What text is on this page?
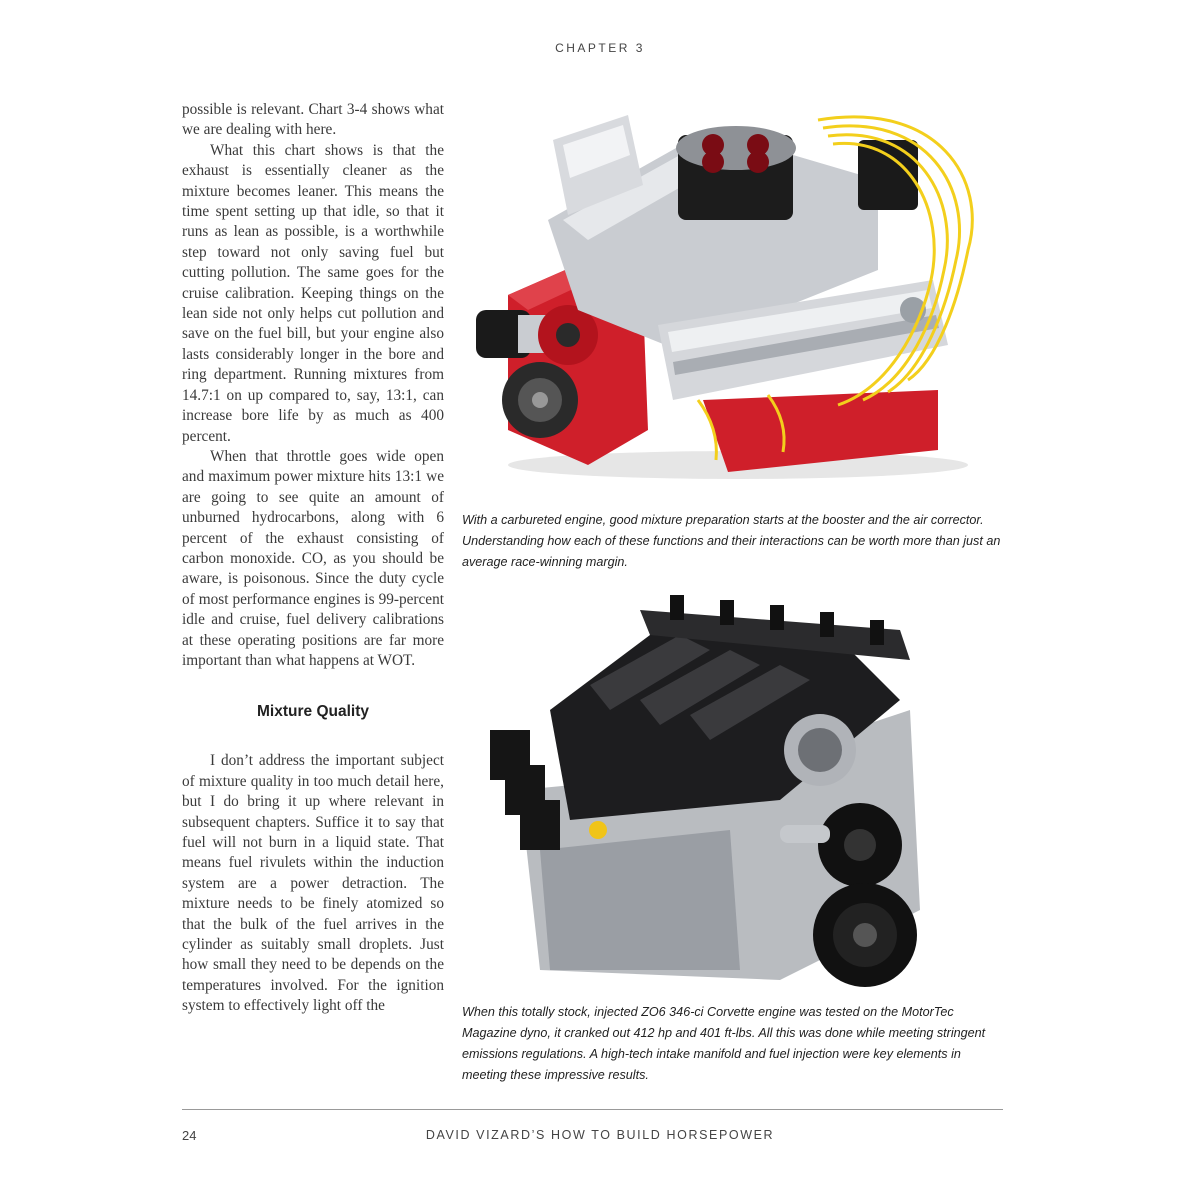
CHAPTER 3

possible is relevant. Chart 3-4 shows what we are dealing with here.

What this chart shows is that the exhaust is essentially cleaner as the mixture becomes leaner. This means the time spent setting up that idle, so that it runs as lean as possible, is a worthwhile step toward not only saving fuel but cutting pollution. The same goes for the cruise calibration. Keeping things on the lean side not only helps cut pollution and save on the fuel bill, but your engine also lasts considerably longer in the bore and ring department. Running mixtures from 14.7:1 on up compared to, say, 13:1, can increase bore life by as much as 400 percent.

When that throttle goes wide open and maximum power mixture hits 13:1 we are going to see quite an amount of unburned hydrocarbons, along with 6 percent of the exhaust consisting of carbon monoxide. CO, as you should be aware, is poisonous. Since the duty cycle of most performance engines is 99-percent idle and cruise, fuel delivery calibrations at these operating positions are far more important than what happens at WOT.

Mixture Quality

I don’t address the important subject of mixture quality in too much detail here, but I do bring it up where relevant in subsequent chapters. Suffice it to say that fuel will not burn in a liquid state. That means fuel rivulets within the induction system are a power detraction. The mixture needs to be finely atomized so that the bulk of the fuel arrives in the cylinder as suitably small droplets. Just how small they need to be depends on the temperatures involved. For the ignition system to effectively light off the

With a carbureted engine, good mixture preparation starts at the booster and the air corrector. Understanding how each of these functions and their interactions can be worth more than just an average race-winning margin.

When this totally stock, injected ZO6 346-ci Corvette engine was tested on the MotorTec Magazine dyno, it cranked out 412 hp and 401 ft-lbs. All this was done while meeting stringent emissions regulations. A high-tech intake manifold and fuel injection were key elements in meeting these impressive results.

24	DAVID VIZARD’S HOW TO BUILD HORSEPOWER
